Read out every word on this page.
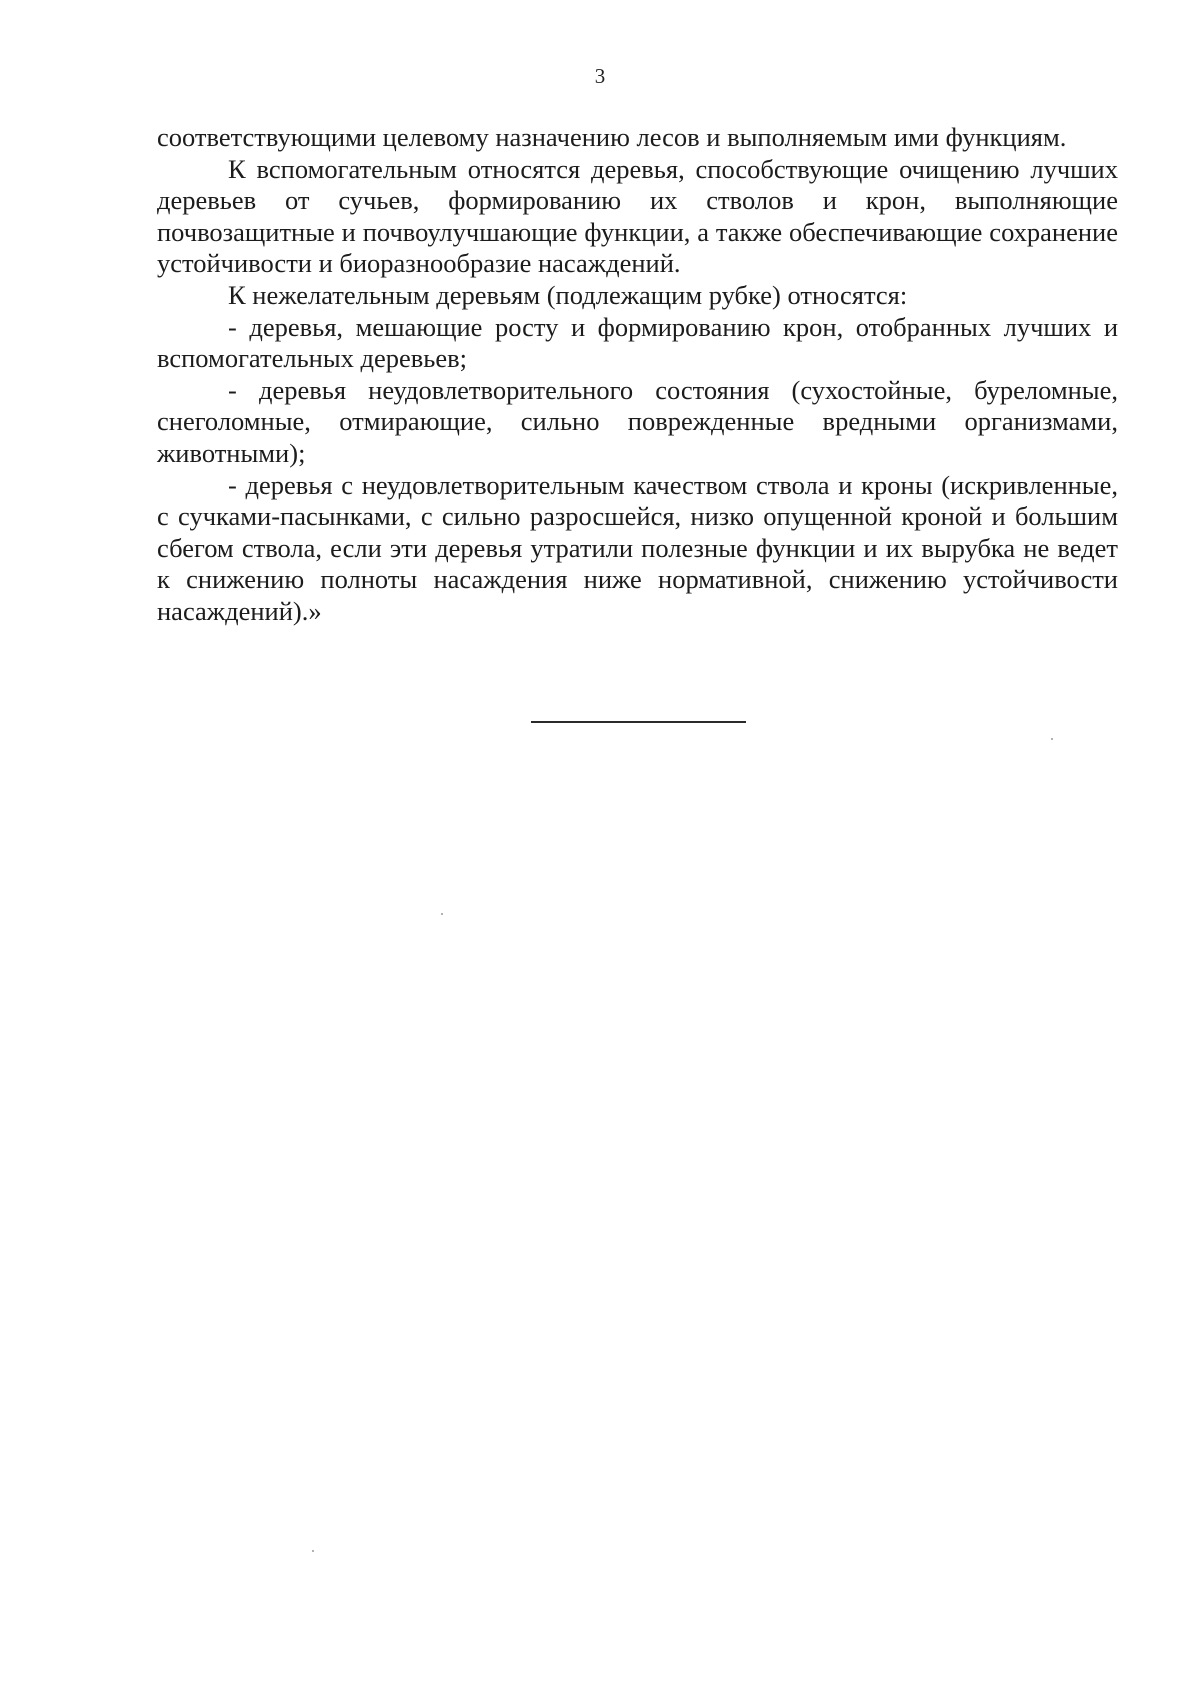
3

соответствующими целевому назначению лесов и выполняемым ими функциям.

К вспомогательным относятся деревья, способствующие очищению лучших деревьев от сучьев, формированию их стволов и крон, выполняющие почвозащитные и почвоулучшающие функции, а также обеспечивающие сохранение устойчивости и биоразнообразие насаждений.

К нежелательным деревьям (подлежащим рубке) относятся:

- деревья, мешающие росту и формированию крон, отобранных лучших и вспомогательных деревьев;

- деревья неудовлетворительного состояния (сухостойные, буреломные, снеголомные, отмирающие, сильно поврежденные вредными организмами, животными);

- деревья с неудовлетворительным качеством ствола и кроны (искривленные, с сучками-пасынками, с сильно разросшейся, низко опущенной кроной и большим сбегом ствола, если эти деревья утратили полезные функции и их вырубка не ведет к снижению полноты насаждения ниже нормативной, снижению устойчивости насаждений).»
